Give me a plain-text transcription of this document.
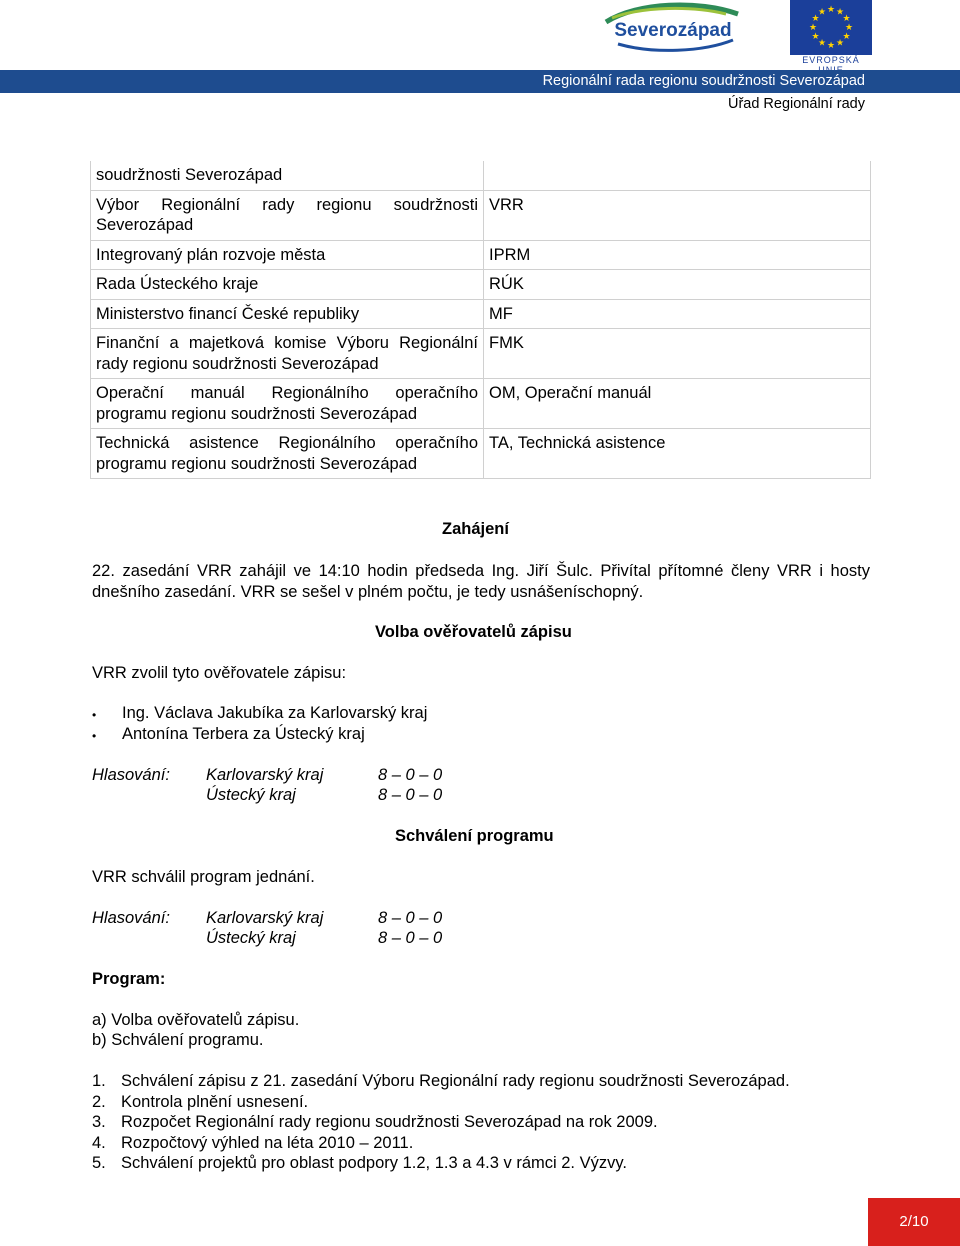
Severozápad
★ ★
★
★
★
★
★
★
★
★
★
★
EVROPSKÁ
Regionální rada regionu soudržnosti Severozápad
Úřad Regionální rady
soudržnosti Severozápad	
Výbor Regionální rady regionu soudržnosti Severozápad	VRR
Integrovaný plán rozvoje města	IPRM
Rada Ústeckého kraje	RÚK
Ministerstvo financí České republiky	MF
Finanční a majetková komise Výboru Regionální rady regionu soudržnosti Severozápad	FMK
Operační manuál Regionálního operačního programu regionu soudržnosti Severozápad	OM, Operační manuál
Technická asistence Regionálního operačního programu regionu soudržnosti Severozápad	TA, Technická asistence
Zahájení
22. zasedání VRR zahájil ve 14:10 hodin předseda Ing. Jiří Šulc. Přivítal přítomné členy VRR i hosty dnešního zasedání. VRR se sešel v plném počtu, je tedy usnášeníschopný.
Volba ověřovatelů zápisu
VRR zvolil tyto ověřovatele zápisu:
• Ing. Václava Jakubíka za Karlovarský kraj
• Antonína Terbera za Ústecký kraj
Hlasování: Karlovarský kraj	8 – 0 – 0
Ústecký kraj	8 – 0 – 0
Schválení programu
VRR schválil program jednání.
Hlasování: Karlovarský kraj	8 – 0 – 0
Ústecký kraj	8 – 0 – 0
Program:
a) Volba ověřovatelů zápisu.
b) Schválení programu.
1. Schválení zápisu z 21. zasedání Výboru Regionální rady regionu soudržnosti Severozápad.
2. Kontrola plnění usnesení.
3. Rozpočet Regionální rady regionu soudržnosti Severozápad na rok 2009.
4. Rozpočtový výhled na léta 2010 – 2011.
5. Schválení projektů pro oblast podpory 1.2, 1.3 a 4.3 v rámci 2. Výzvy.
2/10
